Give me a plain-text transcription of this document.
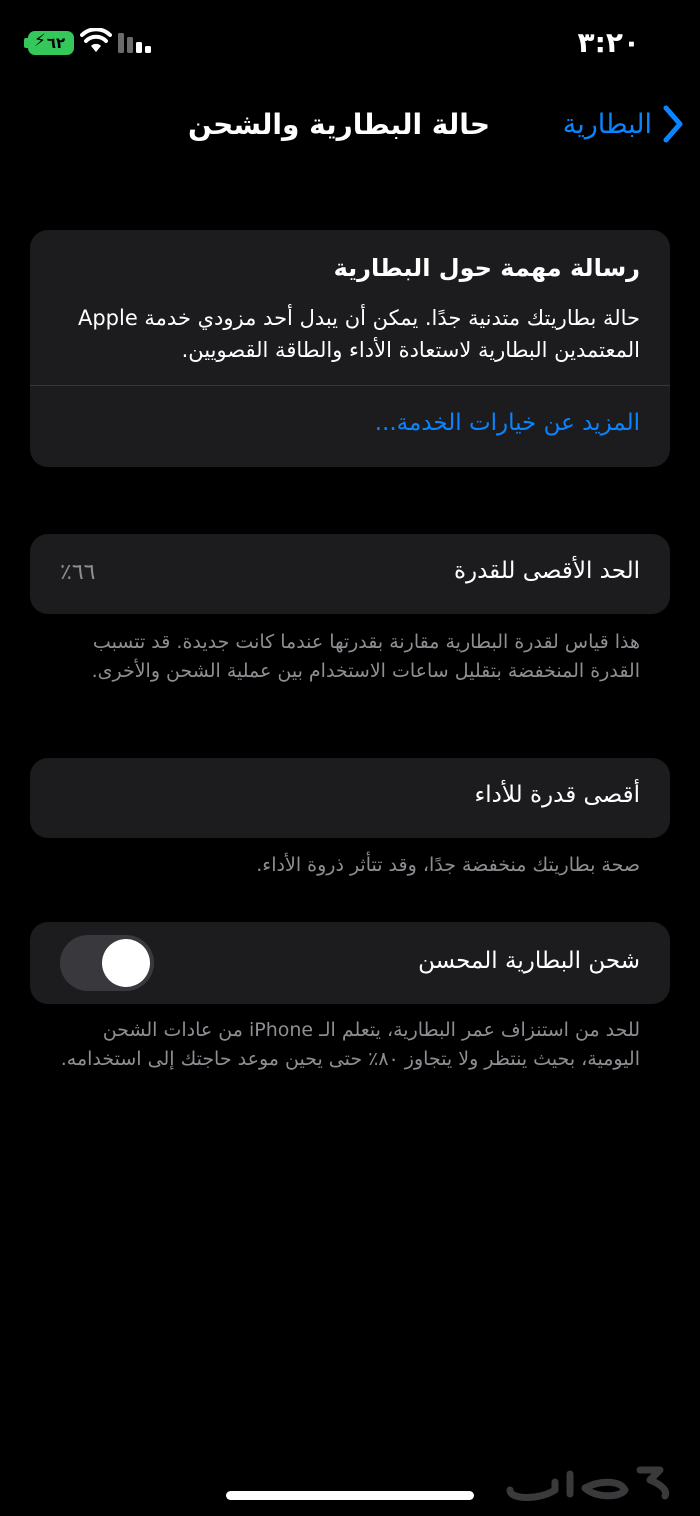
٦٢
⚡	٣:٢٠
البطارية
حالة البطارية والشحن
رسالة مهمة حول البطارية
حالة بطاريتك متدنية جدًا. يمكن أن يبدل أحد مزودي خدمة Apple المعتمدين البطارية لاستعادة الأداء والطاقة القصويين.
المزيد عن خيارات الخدمة...
الحد الأقصى للقدرة
٦٦٪
هذا قياس لقدرة البطارية مقارنة بقدرتها عندما كانت جديدة. قد تتسبب القدرة المنخفضة بتقليل ساعات الاستخدام بين عملية الشحن والأخرى.
أقصى قدرة للأداء
صحة بطاريتك منخفضة جدًا، وقد تتأثر ذروة الأداء.
شحن البطارية المحسن
للحد من استنزاف عمر البطارية، يتعلم الـ iPhone من عادات الشحن اليومية، بحيث ينتظر ولا يتجاوز ٨٠٪ حتى يحين موعد حاجتك إلى استخدامه.
